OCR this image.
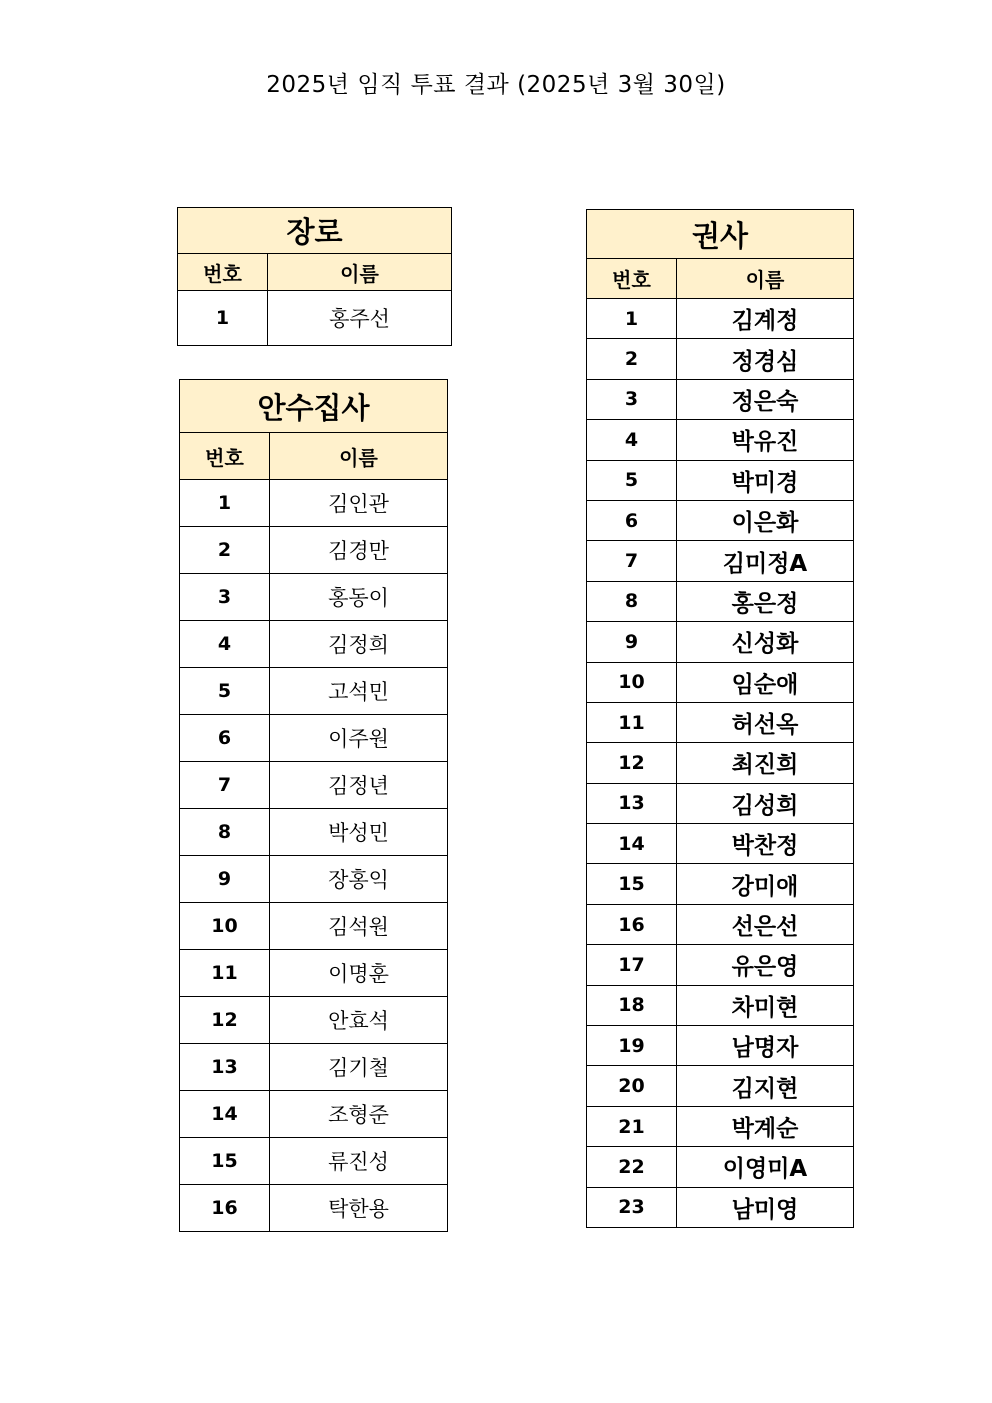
2025년 임직 투표 결과 (2025년 3월 30일)
장로	
번호	이름
1	홍주선
안수집사	
번호	이름
1	김인관
2	김경만
3	홍동이
4	김정희
5	고석민
6	이주원
7	김정년
8	박성민
9	장홍익
10	김석원
11	이명훈
12	안효석
13	김기철
14	조형준
15	류진성
16	탁한용
권사	
번호	이름
1	김계정
2	정경심
3	정은숙
4	박유진
5	박미경
6	이은화
7	김미정A
8	홍은정
9	신성화
10	임순애
11	허선옥
12	최진희
13	김성희
14	박찬정
15	강미애
16	선은선
17	유은영
18	차미현
19	남명자
20	김지현
21	박계순
22	이영미A
23	남미영
